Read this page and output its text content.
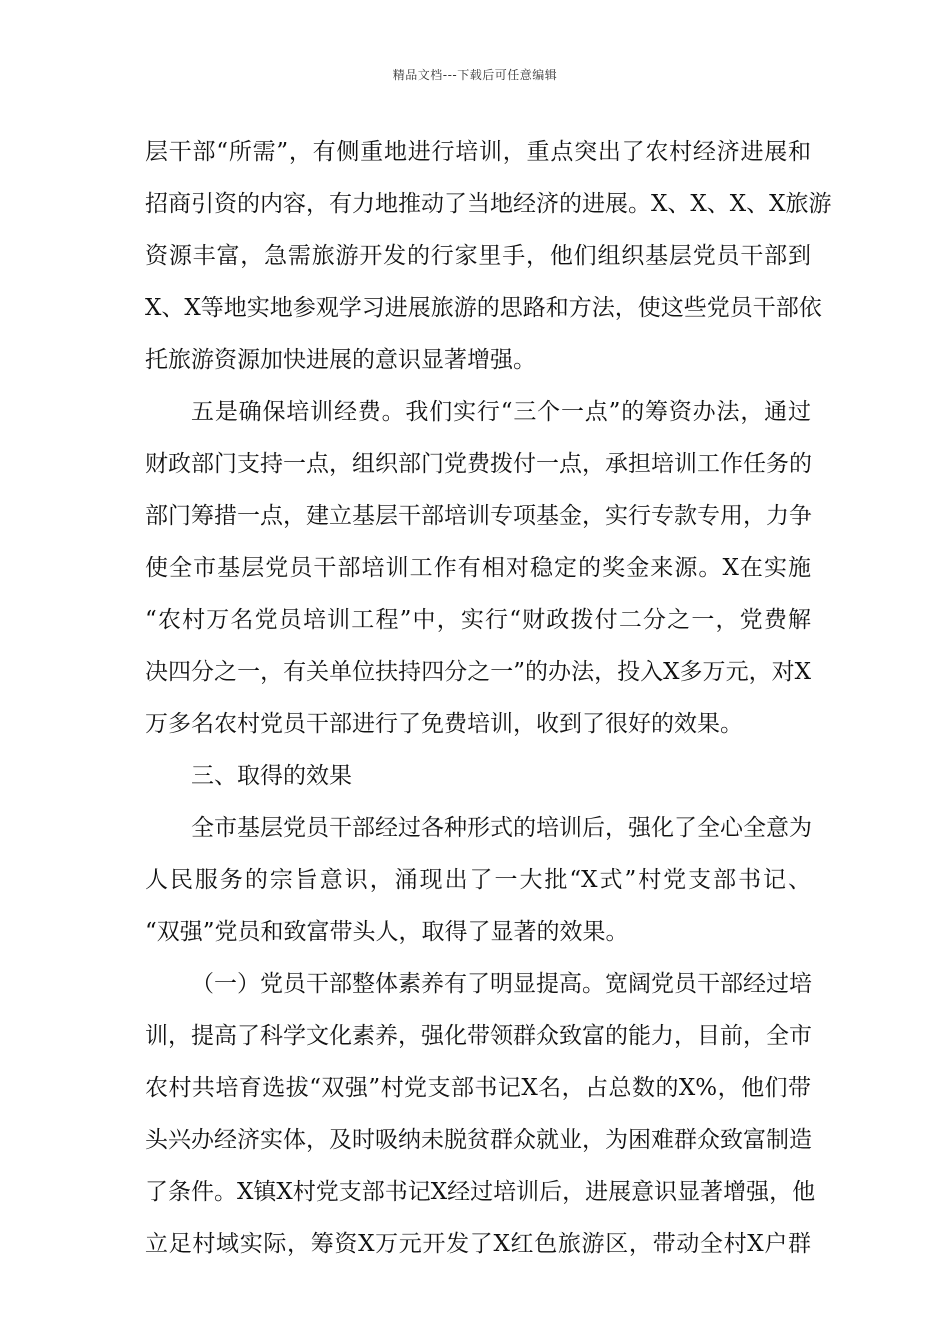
精品文档---下载后可任意编辑
层干部“所需”，有侧重地进行培训，重点突出了农村经济进展和
招商引资的内容，有力地推动了当地经济的进展。X、X、X、X旅游
资源丰富，急需旅游开发的行家里手，他们组织基层党员干部到
X、X等地实地参观学习进展旅游的思路和方法，使这些党员干部依
托旅游资源加快进展的意识显著增强。
五是确保培训经费。我们实行“三个一点”的筹资办法，通过
财政部门支持一点，组织部门党费拨付一点，承担培训工作任务的
部门筹措一点，建立基层干部培训专项基金，实行专款专用，力争
使全市基层党员干部培训工作有相对稳定的奖金来源。X在实施
“农村万名党员培训工程”中，实行“财政拨付二分之一，党费解
决四分之一，有关单位扶持四分之一”的办法，投入X多万元，对X
万多名农村党员干部进行了免费培训，收到了很好的效果。
三、取得的效果
全市基层党员干部经过各种形式的培训后，强化了全心全意为
人民服务的宗旨意识，涌现出了一大批“X式”村党支部书记、
“双强”党员和致富带头人，取得了显著的效果。
（一）党员干部整体素养有了明显提高。宽阔党员干部经过培
训，提高了科学文化素养，强化带领群众致富的能力，目前，全市
农村共培育选拔“双强”村党支部书记X名，占总数的X%，他们带
头兴办经济实体，及时吸纳未脱贫群众就业，为困难群众致富制造
了条件。X镇X村党支部书记X经过培训后，进展意识显著增强，他
立足村域实际，筹资X万元开发了X红色旅游区，带动全村X户群
